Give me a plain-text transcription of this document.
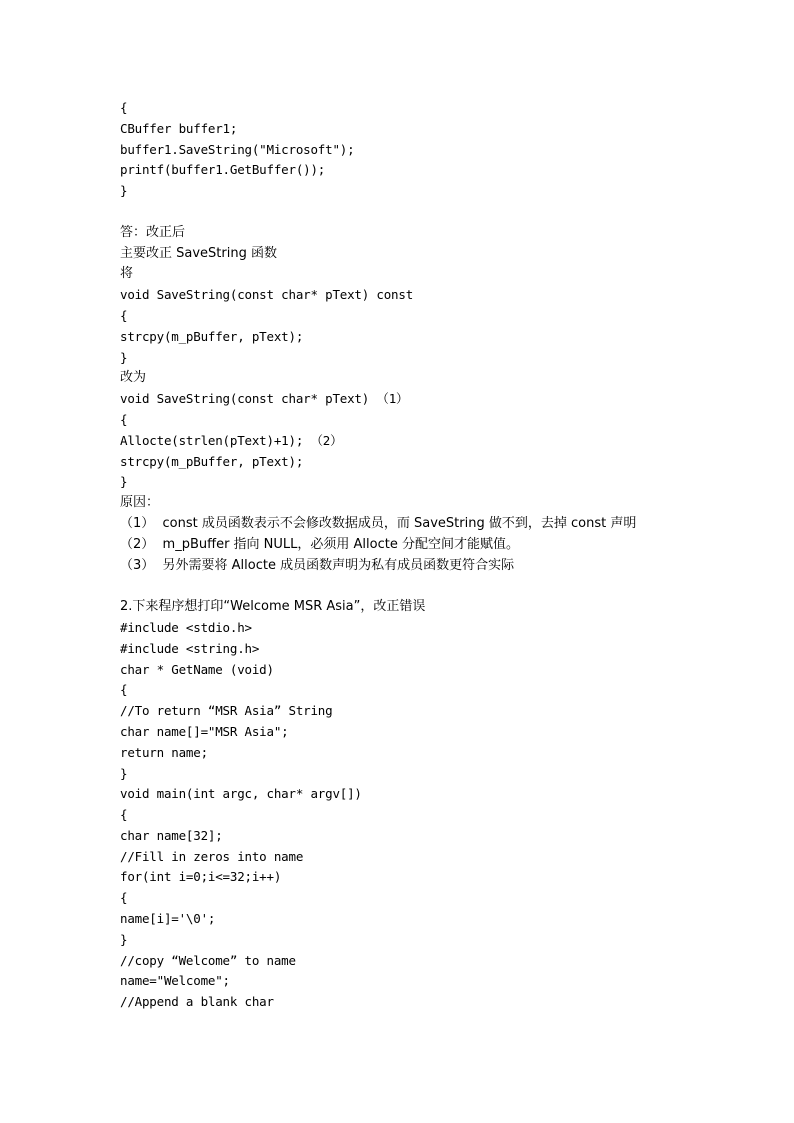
{
CBuffer buffer1;
buffer1.SaveString("Microsoft");
printf(buffer1.GetBuffer());
}
答：改正后
主要改正 SaveString 函数
将
void SaveString(const char* pText) const
{
strcpy(m_pBuffer, pText);
}
改为
void SaveString(const char* pText) （1）
{
Allocte(strlen(pText)+1); （2）
strcpy(m_pBuffer, pText);
}
原因：
（1）  const 成员函数表示不会修改数据成员，而 SaveString 做不到，去掉 const 声明
（2）  m_pBuffer 指向 NULL，必须用 Allocte 分配空间才能赋值。
（3）  另外需要将 Allocte 成员函数声明为私有成员函数更符合实际
2.下来程序想打印“Welcome MSR Asia”，改正错误
#include <stdio.h>
#include <string.h>
char * GetName (void)
{
//To return “MSR Asia” String
char name[]="MSR Asia";
return name;
}
void main(int argc, char* argv[])
{
char name[32];
//Fill in zeros into name
for(int i=0;i<=32;i++)
{
name[i]='\0';
}
//copy “Welcome” to name
name="Welcome";
//Append a blank char
